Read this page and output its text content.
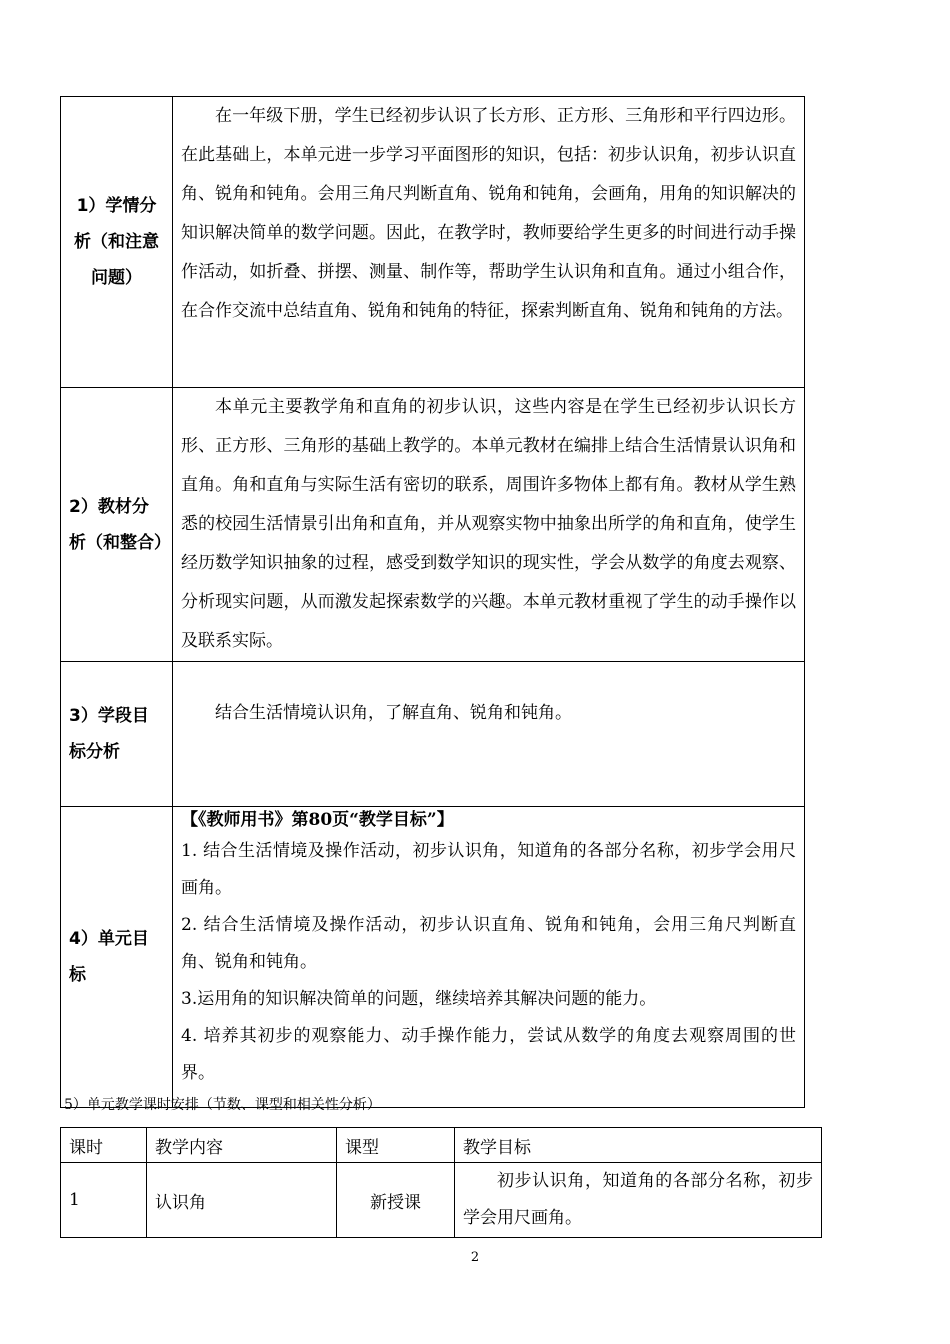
1）学情分析（和注意问题）	在一年级下册，学生已经初步认识了长方形、正方形、三角形和平行四边形。在此基础上，本单元进一步学习平面图形的知识，包括：初步认识角，初步认识直角、锐角和钝角。会用三角尺判断直角、锐角和钝角，会画角，用角的知识解决的知识解决简单的数学问题。因此，在教学时，教师要给学生更多的时间进行动手操作活动，如折叠、拼摆、测量、制作等，帮助学生认识角和直角。通过小组合作，在合作交流中总结直角、锐角和钝角的特征，探索判断直角、锐角和钝角的方法。

2）教材分析（和整合）	本单元主要教学角和直角的初步认识，这些内容是在学生已经初步认识长方形、正方形、三角形的基础上教学的。本单元教材在编排上结合生活情景认识角和直角。角和直角与实际生活有密切的联系，周围许多物体上都有角。教材从学生熟悉的校园生活情景引出角和直角，并从观察实物中抽象出所学的角和直角，使学生经历数学知识抽象的过程，感受到数学知识的现实性，学会从数学的角度去观察、分析现实问题，从而激发起探索数学的兴趣。本单元教材重视了学生的动手操作以及联系实际。

3）学段目标分析	结合生活情境认识角，了解直角、锐角和钝角。

4）单元目标	【《教师用书》第80页“教学目标”】
1. 结合生活情境及操作活动，初步认识角，知道角的各部分名称，初步学会用尺画角。
2. 结合生活情境及操作活动，初步认识直角、锐角和钝角，会用三角尺判断直角、锐角和钝角。
3.运用角的知识解决简单的问题，继续培养其解决问题的能力。
4. 培养其初步的观察能力、动手操作能力，尝试从数学的角度去观察周围的世界。
5）单元教学课时安排（节数、课型和相关性分析）
课时	教学内容	课型	教学目标
1	认识角	新授课	初步认识角，知道角的各部分名称，初步学会用尺画角。
2
